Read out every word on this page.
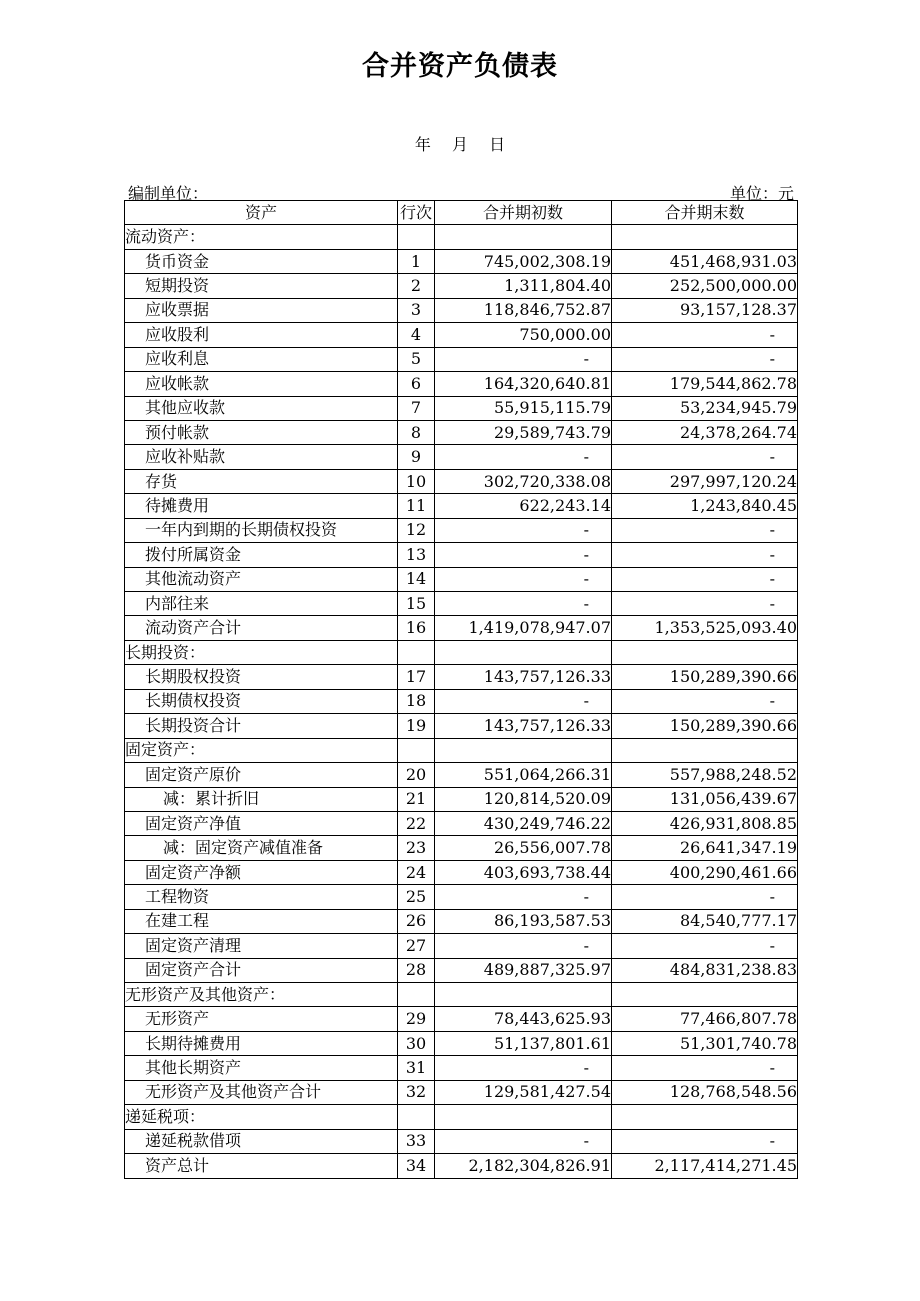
合并资产负债表
年 月 日
编制单位：	单位：元
资产	行次	合并期初数	合并期末数
流动资产：			
货币资金	1	745,002,308.19	451,468,931.03
短期投资	2	1,311,804.40	252,500,000.00
应收票据	3	118,846,752.87	93,157,128.37
应收股利	4	750,000.00	-
应收利息	5	-	-
应收帐款	6	164,320,640.81	179,544,862.78
其他应收款	7	55,915,115.79	53,234,945.79
预付帐款	8	29,589,743.79	24,378,264.74
应收补贴款	9	-	-
存货	10	302,720,338.08	297,997,120.24
待摊费用	11	622,243.14	1,243,840.45
一年内到期的长期债权投资	12	-	-
拨付所属资金	13	-	-
其他流动资产	14	-	-
内部往来	15	-	-
流动资产合计	16	1,419,078,947.07	1,353,525,093.40
长期投资：			
长期股权投资	17	143,757,126.33	150,289,390.66
长期债权投资	18	-	-
长期投资合计	19	143,757,126.33	150,289,390.66
固定资产：			
固定资产原价	20	551,064,266.31	557,988,248.52
减：累计折旧	21	120,814,520.09	131,056,439.67
固定资产净值	22	430,249,746.22	426,931,808.85
减：固定资产减值准备	23	26,556,007.78	26,641,347.19
固定资产净额	24	403,693,738.44	400,290,461.66
工程物资	25	-	-
在建工程	26	86,193,587.53	84,540,777.17
固定资产清理	27	-	-
固定资产合计	28	489,887,325.97	484,831,238.83
无形资产及其他资产：			
无形资产	29	78,443,625.93	77,466,807.78
长期待摊费用	30	51,137,801.61	51,301,740.78
其他长期资产	31	-	-
无形资产及其他资产合计	32	129,581,427.54	128,768,548.56
递延税项：			
递延税款借项	33	-	-
资产总计	34	2,182,304,826.91	2,117,414,271.45
